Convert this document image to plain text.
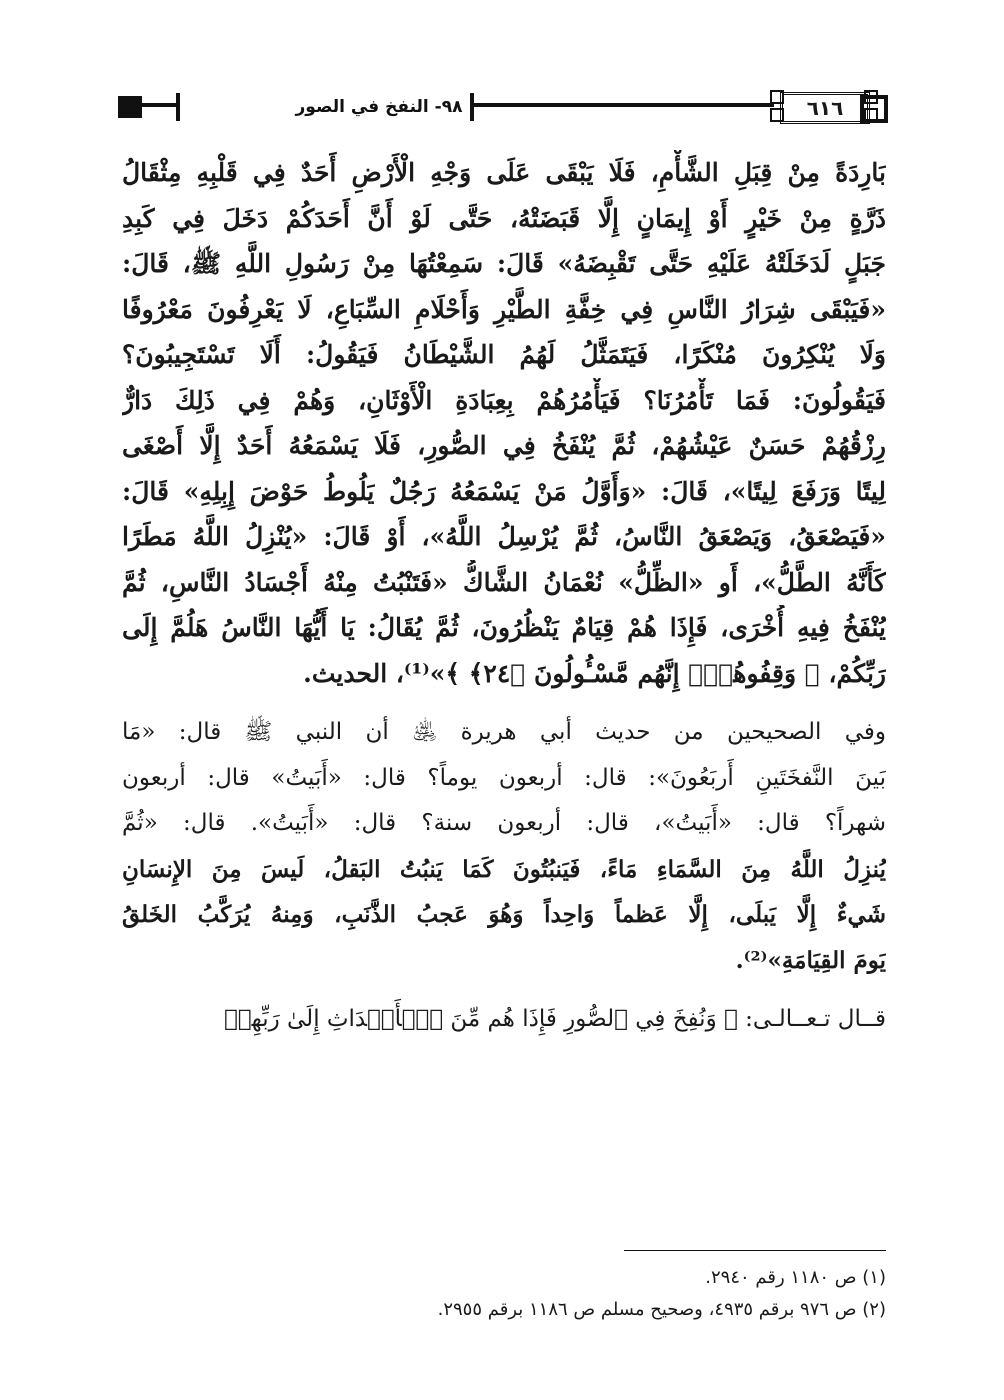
٩٨- النفخ في الصور	٦١٦
بَارِدَةً مِنْ قِبَلِ الشَّأْمِ، فَلَا يَبْقَى عَلَى وَجْهِ الْأَرْضِ أَحَدٌ فِي قَلْبِهِ مِثْقَالُ
ذَرَّةٍ مِنْ خَيْرٍ أَوْ إِيمَانٍ إِلَّا قَبَضَتْهُ، حَتَّى لَوْ أَنَّ أَحَدَكُمْ دَخَلَ فِي كَبِدِ
جَبَلٍ لَدَخَلَتْهُ عَلَيْهِ حَتَّى تَقْبِضَهُ» قَالَ: سَمِعْتُهَا مِنْ رَسُولِ اللَّهِ ﷺ، قَالَ:
«فَيَبْقَى شِرَارُ النَّاسِ فِي خِفَّةِ الطَّيْرِ وَأَحْلَامِ السِّبَاعِ، لَا يَعْرِفُونَ مَعْرُوفًا
وَلَا يُنْكِرُونَ مُنْكَرًا، فَيَتَمَثَّلُ لَهُمُ الشَّيْطَانُ فَيَقُولُ: أَلَا تَسْتَجِيبُونَ؟
فَيَقُولُونَ: فَمَا تَأْمُرُنَا؟ فَيَأْمُرُهُمْ بِعِبَادَةِ الْأَوْثَانِ، وَهُمْ فِي ذَلِكَ دَارٌّ
رِزْقُهُمْ حَسَنٌ عَيْشُهُمْ، ثُمَّ يُنْفَخُ فِي الصُّورِ، فَلَا يَسْمَعُهُ أَحَدٌ إِلَّا أَصْغَى
لِيتًا وَرَفَعَ لِيتًا»، قَالَ: «وَأَوَّلُ مَنْ يَسْمَعُهُ رَجُلٌ يَلُوطُ حَوْضَ إِبِلِهِ» قَالَ:
«فَيَصْعَقُ، وَيَصْعَقُ النَّاسُ، ثُمَّ يُرْسِلُ اللَّهُ»، أَوْ قَالَ: «يُنْزِلُ اللَّهُ مَطَرًا
كَأَنَّهُ الطَّلُّ»، أَو «الظِّلُّ» نُعْمَانُ الشَّاكُّ «فَتَنْبُتُ مِنْهُ أَجْسَادُ النَّاسِ، ثُمَّ
يُنْفَخُ فِيهِ أُخْرَى، فَإِذَا هُمْ قِيَامٌ يَنْظُرُونَ، ثُمَّ يُقَالُ: يَا أَيُّهَا النَّاسُ هَلُمَّ إِلَى
رَبِّكُمْ، ﴿ وَقِفُوهُمْۖ إِنَّهُم مَّسْـُٔولُونَ ﴿٢٤﴾ ﴾»⁽¹⁾، الحديث.
وفي الصحيحين من حديث أبي هريرة ﵁ أن النبي ﷺ قال: «مَا
بَينَ النَّفخَتَينِ أَربَعُونَ»: قال: أربعون يوماً؟ قال: «أَبَيتُ» قال: أربعون
شهراً؟ قال: «أَبَيتُ»، قال: أربعون سنة؟ قال: «أَبَيتُ». قال: «ثُمَّ
يُنزِلُ اللَّهُ مِنَ السَّمَاءِ مَاءً، فَيَنبُتُونَ كَمَا يَنبُتُ البَقلُ، لَيسَ مِنَ الإِنسَانِ
شَيءٌ إِلَّا يَبلَى، إِلَّا عَظماً وَاحِداً وَهُوَ عَجبُ الذَّنَبِ، وَمِنهُ يُرَكَّبُ الخَلقُ
يَومَ القِيَامَةِ»⁽²⁾.
قــال تـعــالـى: ﴿ وَنُفِخَ فِي ٱلصُّورِ فَإِذَا هُم مِّنَ ٱلۡأَجۡدَاثِ إِلَىٰ رَبِّهِمۡ
(١) ص ١١٨٠ رقم ٢٩٤٠.
(٢) ص ٩٧٦ برقم ٤٩٣٥، وصحيح مسلم ص ١١٨٦ برقم ٢٩٥٥.
